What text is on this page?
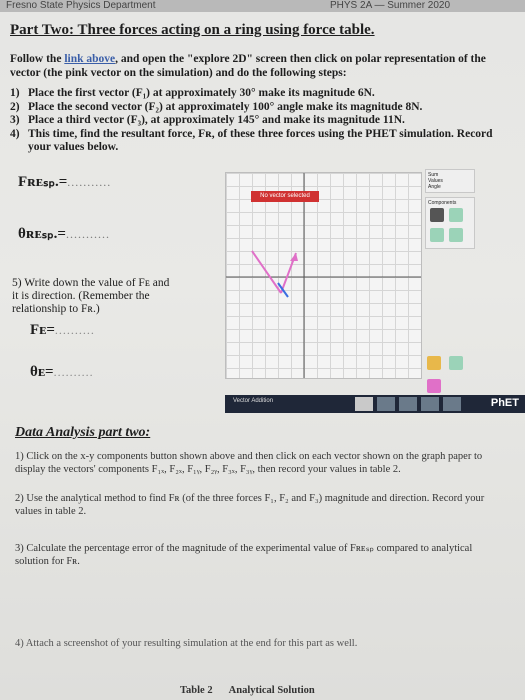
Fresno State Physics Department	PHYS 2A — Summer 2020
Part Two: Three forces acting on a ring using force table.
Follow the link above, and open the "explore 2D" screen then click on polar representation of the vector (the pink vector on the simulation) and do the following steps:
1) Place the first vector (F₁) at approximately 30° make its magnitude 6N.
2) Place the second vector (F₂) at approximately 100° angle make its magnitude 8N.
3) Place a third vector (F₃), at approximately 145° and make its magnitude 11N.
4) This time, find the resultant force, Fʀ, of these three forces using the PHET simulation. Record your values below.
Fʀᴇₛₚ.=...........
θʀᴇₛₚ.=...........
5) Write down the value of Fᴇ and it is direction. (Remember the relationship to Fʀ.)
Fᴇ=..........
θᴇ=..........
No vector selected
Sum
Values
Angle
Components

Vector Addition	PhET
Data Analysis part two:
1) Click on the x-y components button shown above and then click on each vector shown on the graph paper to display the vectors' components F₁ₓ, F₂ₓ, F₁ᵧ, F₂ᵧ, F₃ₓ, F₃ᵧ, then record your values in table 2.
2) Use the analytical method to find Fʀ (of the three forces F₁, F₂ and F₃) magnitude and direction. Record your values in table 2.
3) Calculate the percentage error of the magnitude of the experimental value of Fʀᴇₛₚ compared to analytical solution for Fʀ.
4) Attach a screenshot of your resulting simulation at the end for this part as well.
Table 2 Analytical Solution
